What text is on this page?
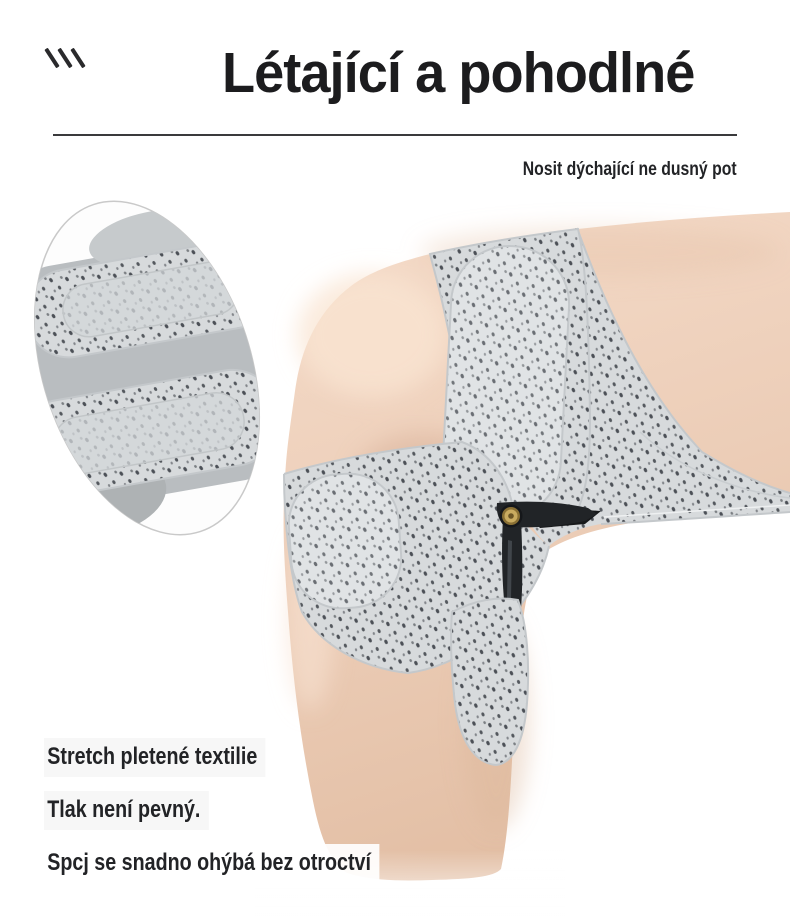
Létající a pohodlné
Nosit dýchající ne dusný pot
Stretch pletené textilie
Tlak není pevný.
Spcj se snadno ohýbá bez otroctví
